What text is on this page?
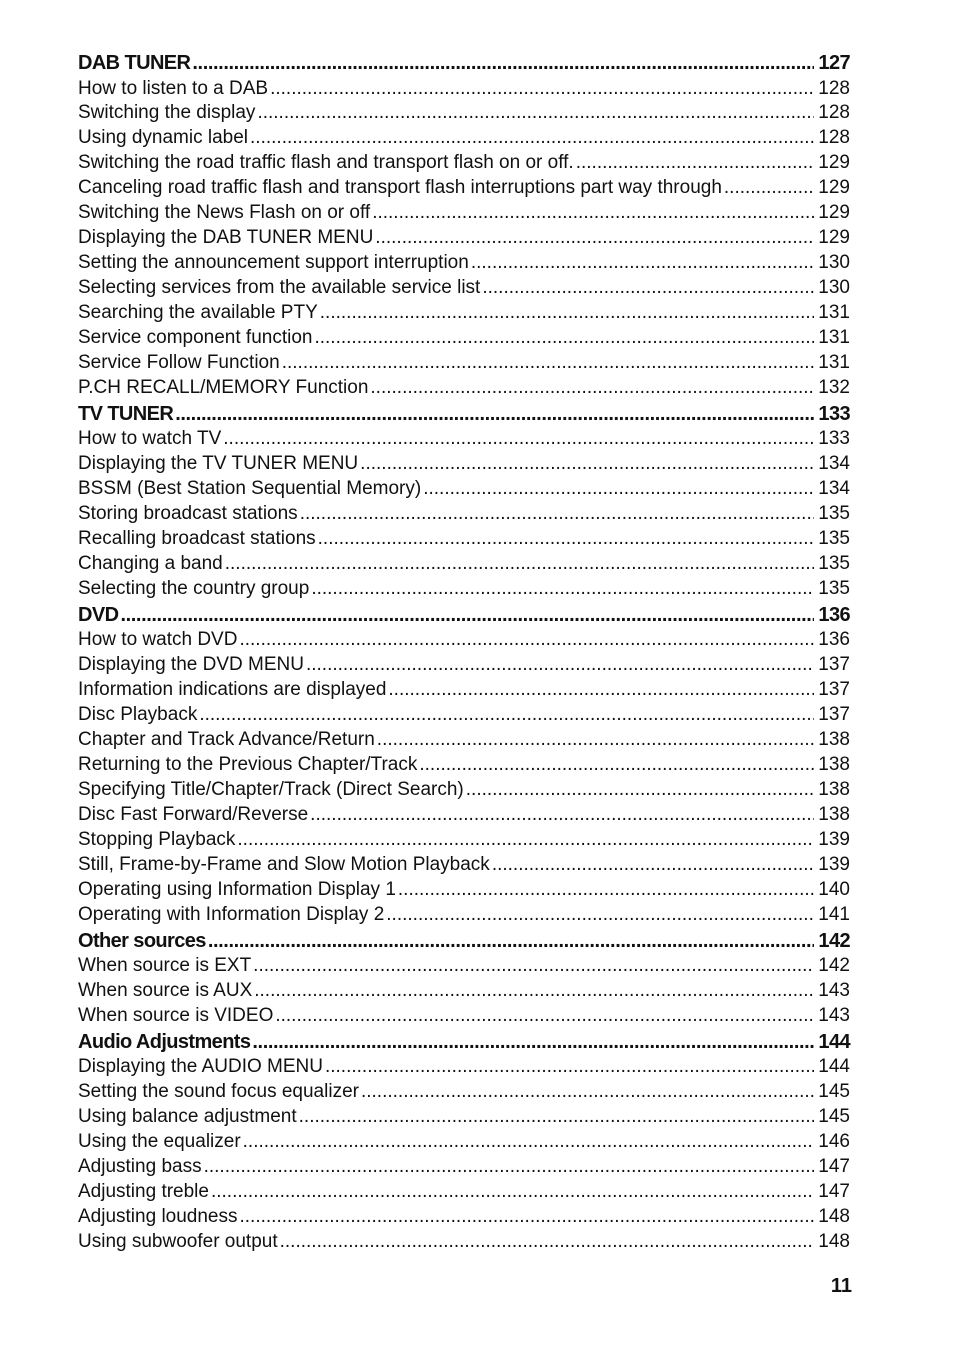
DAB TUNER .....	127
How to listen to a DAB .....	128
Switching the display .....	128
Using dynamic label .....	128
Switching the road traffic flash and transport flash on or off. .....	129
Canceling road traffic flash and transport flash interruptions part way through .....	129
Switching the News Flash on or off .....	129
Displaying the DAB TUNER MENU .....	129
Setting the announcement support interruption .....	130
Selecting services from the available service list .....	130
Searching the available PTY .....	131
Service component function .....	131
Service Follow Function .....	131
P.CH RECALL/MEMORY Function .....	132
TV TUNER .....	133
How to watch TV .....	133
Displaying the TV TUNER MENU .....	134
BSSM (Best Station Sequential Memory) .....	134
Storing broadcast stations .....	135
Recalling broadcast stations .....	135
Changing a band .....	135
Selecting the country group .....	135
DVD .....	136
How to watch DVD .....	136
Displaying the DVD MENU .....	137
Information indications are displayed .....	137
Disc Playback .....	137
Chapter and Track Advance/Return .....	138
Returning to the Previous Chapter/Track .....	138
Specifying Title/Chapter/Track (Direct Search) .....	138
Disc Fast Forward/Reverse .....	138
Stopping Playback .....	139
Still, Frame-by-Frame and Slow Motion Playback .....	139
Operating using Information Display 1 .....	140
Operating with Information Display 2 .....	141
Other sources .....	142
When source is EXT .....	142
When source is AUX .....	143
When source is VIDEO .....	143
Audio Adjustments .....	144
Displaying the AUDIO MENU .....	144
Setting the sound focus equalizer .....	145
Using balance adjustment .....	145
Using the equalizer .....	146
Adjusting bass .....	147
Adjusting treble .....	147
Adjusting loudness .....	148
Using subwoofer output .....	148
11
